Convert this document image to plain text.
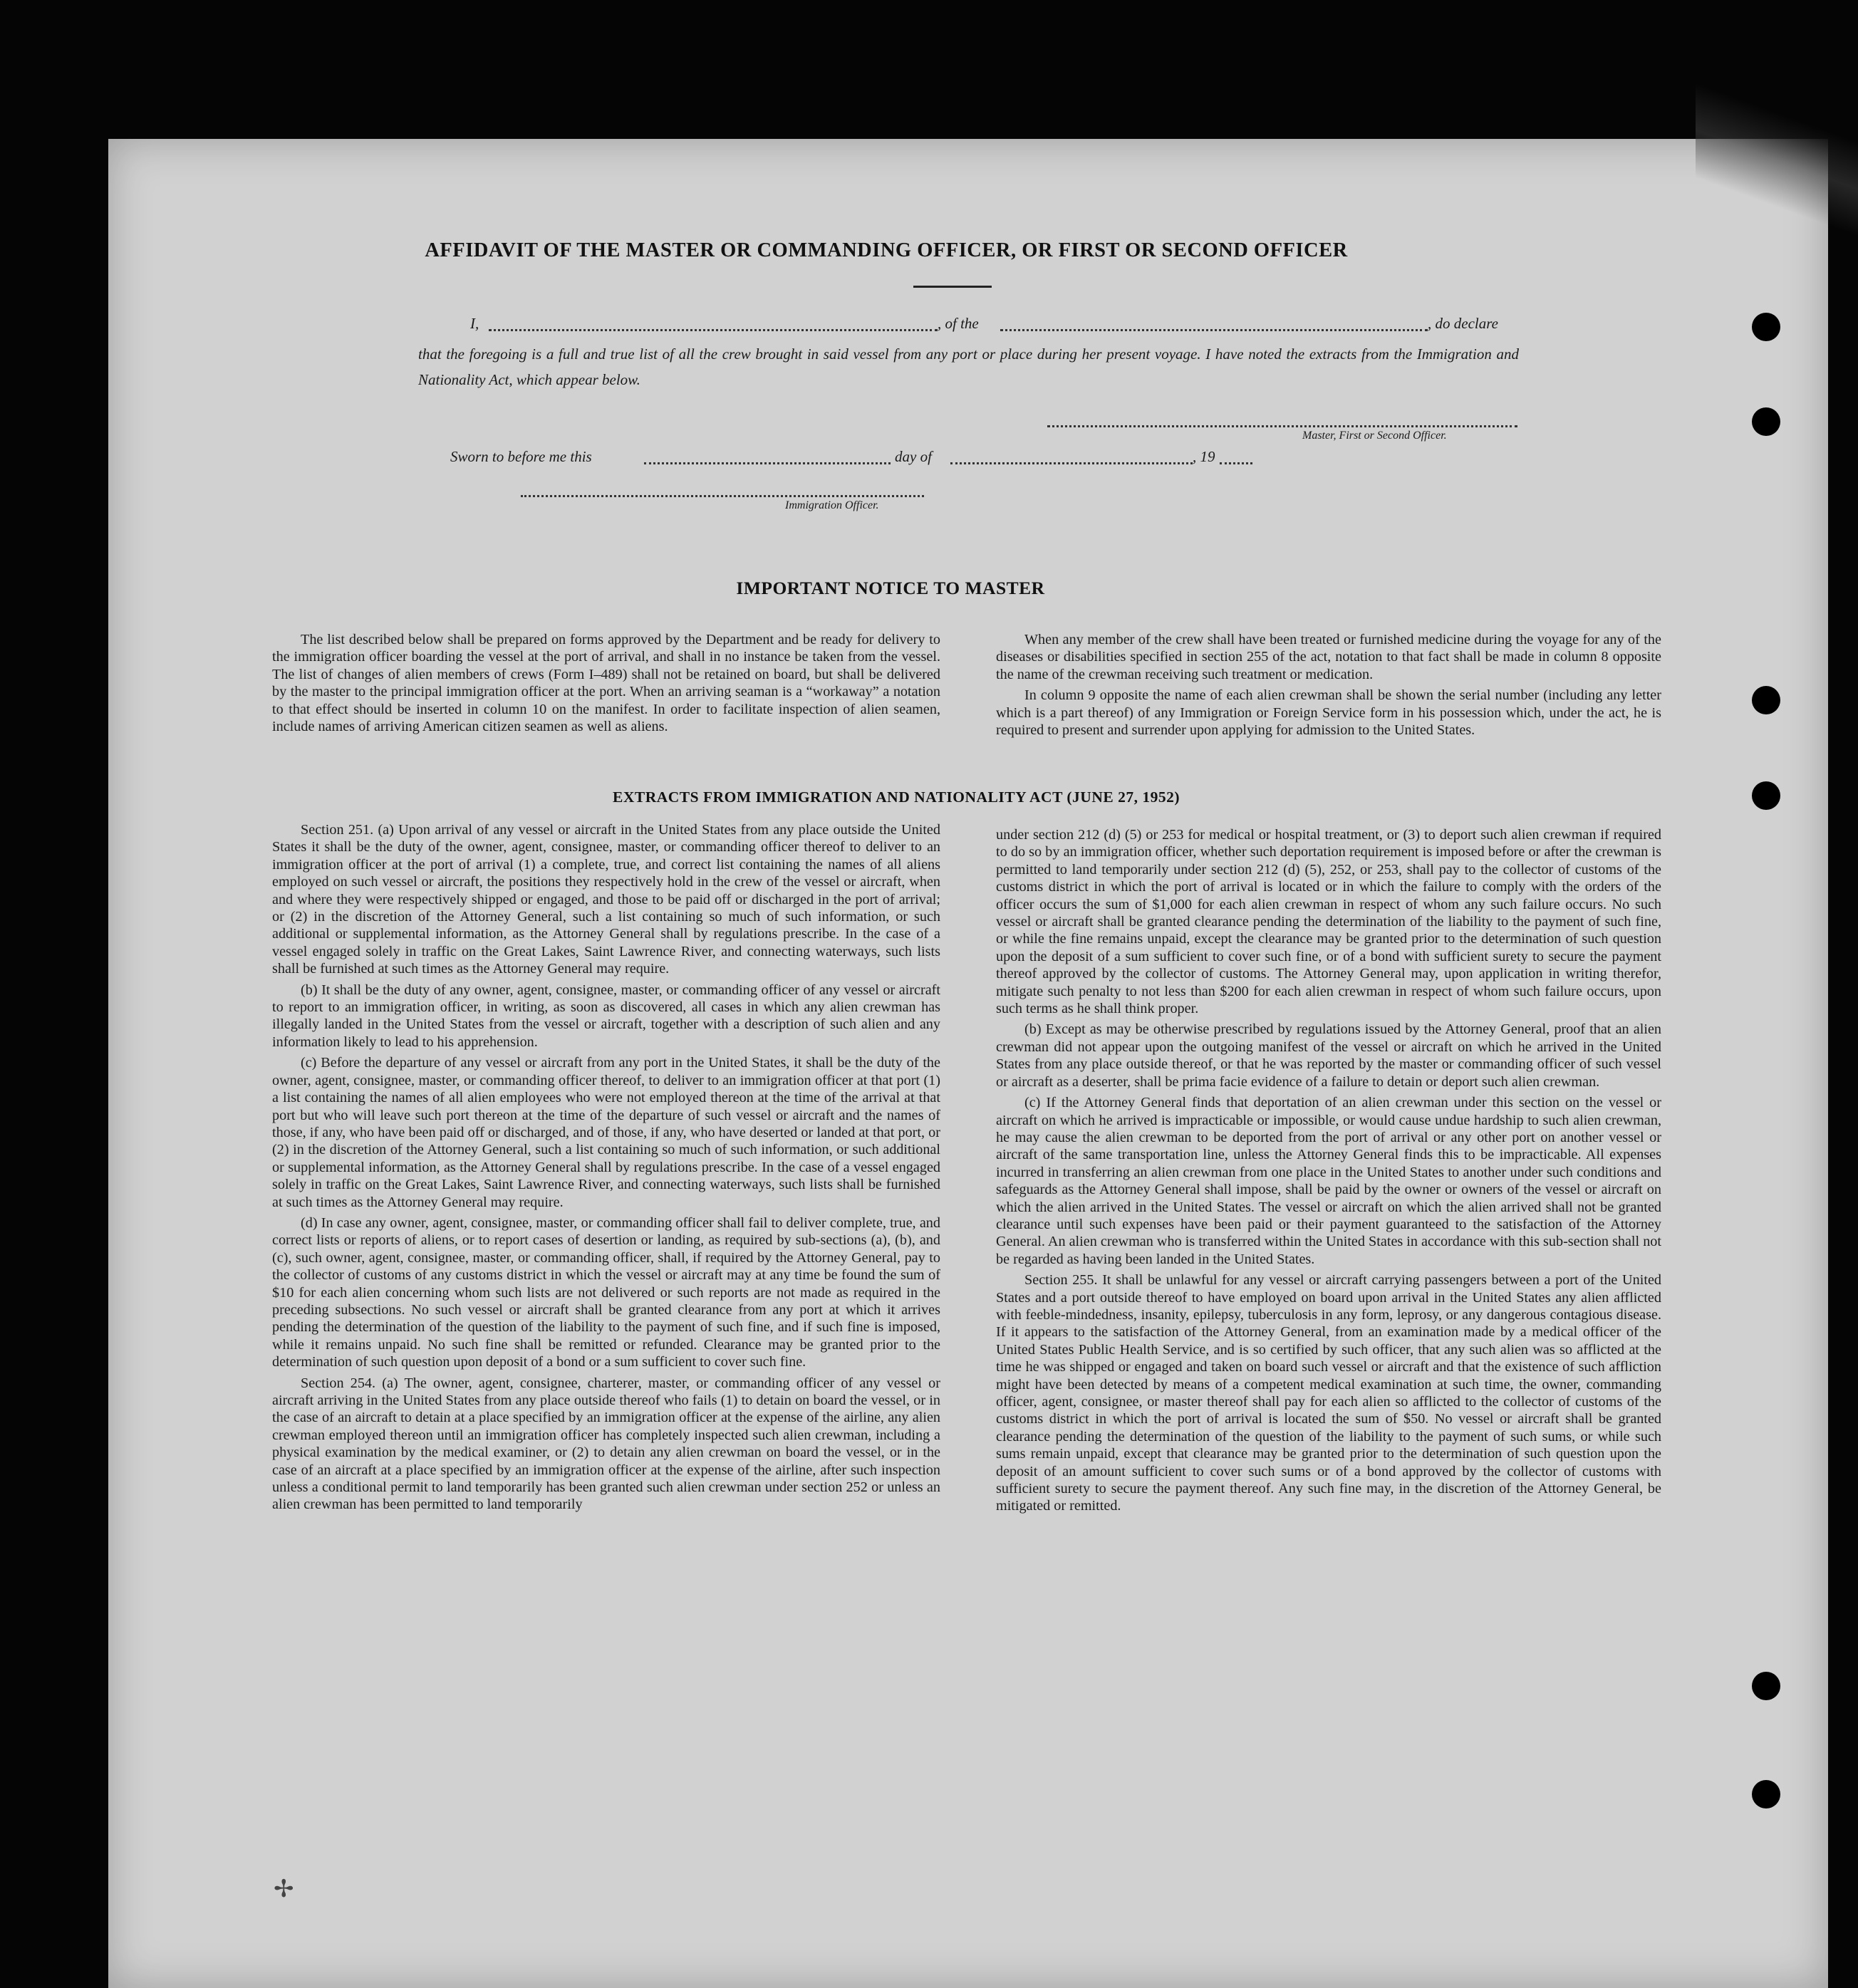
AFFIDAVIT OF THE MASTER OR COMMANDING OFFICER, OR FIRST OR SECOND OFFICER
I,	, of the	, do declare
that the foregoing is a full and true list of all the crew brought in said vessel from any port or place during her present voyage. I have noted the extracts from the Immigration and Nationality Act, which appear below.
Master, First or Second Officer.
Sworn to before me this	day of	, 19
Immigration Officer.
IMPORTANT NOTICE TO MASTER

The list described below shall be prepared on forms approved by the Department and be ready for delivery to the immigration officer boarding the vessel at the port of arrival, and shall in no instance be taken from the vessel. The list of changes of alien members of crews (Form I–489) shall not be retained on board, but shall be delivered by the master to the principal immigration officer at the port. When an arriving seaman is a “workaway” a notation to that effect should be inserted in column 10 on the manifest. In order to facilitate inspection of alien seamen, include names of arriving American citizen seamen as well as aliens.

When any member of the crew shall have been treated or furnished medicine during the voyage for any of the diseases or disabilities specified in section 255 of the act, notation to that fact shall be made in column 8 opposite the name of the crewman receiving such treatment or medication.

In column 9 opposite the name of each alien crewman shall be shown the serial number (including any letter which is a part thereof) of any Immigration or Foreign Service form in his possession which, under the act, he is required to present and surrender upon applying for admission to the United States.

EXTRACTS FROM IMMIGRATION AND NATIONALITY ACT (JUNE 27, 1952)

Section 251. (a) Upon arrival of any vessel or aircraft in the United States from any place outside the United States it shall be the duty of the owner, agent, consignee, master, or commanding officer thereof to deliver to an immigration officer at the port of arrival (1) a complete, true, and correct list containing the names of all aliens employed on such vessel or aircraft, the positions they respectively hold in the crew of the vessel or aircraft, when and where they were respectively shipped or engaged, and those to be paid off or discharged in the port of arrival; or (2) in the discretion of the Attorney General, such a list containing so much of such information, or such additional or supplemental information, as the Attorney General shall by regulations prescribe. In the case of a vessel engaged solely in traffic on the Great Lakes, Saint Lawrence River, and connecting waterways, such lists shall be furnished at such times as the Attorney General may require.

(b) It shall be the duty of any owner, agent, consignee, master, or commanding officer of any vessel or aircraft to report to an immigration officer, in writing, as soon as discovered, all cases in which any alien crewman has illegally landed in the United States from the vessel or aircraft, together with a description of such alien and any information likely to lead to his apprehension.

(c) Before the departure of any vessel or aircraft from any port in the United States, it shall be the duty of the owner, agent, consignee, master, or commanding officer thereof, to deliver to an immigration officer at that port (1) a list containing the names of all alien employees who were not employed thereon at the time of the arrival at that port but who will leave such port thereon at the time of the departure of such vessel or aircraft and the names of those, if any, who have been paid off or discharged, and of those, if any, who have deserted or landed at that port, or (2) in the discretion of the Attorney General, such a list containing so much of such information, or such additional or supplemental information, as the Attorney General shall by regulations prescribe. In the case of a vessel engaged solely in traffic on the Great Lakes, Saint Lawrence River, and connecting waterways, such lists shall be furnished at such times as the Attorney General may require.

(d) In case any owner, agent, consignee, master, or commanding officer shall fail to deliver complete, true, and correct lists or reports of aliens, or to report cases of desertion or landing, as required by sub-sections (a), (b), and (c), such owner, agent, consignee, master, or commanding officer, shall, if required by the Attorney General, pay to the collector of customs of any customs district in which the vessel or aircraft may at any time be found the sum of $10 for each alien concerning whom such lists are not delivered or such reports are not made as required in the preceding subsections. No such vessel or aircraft shall be granted clearance from any port at which it arrives pending the determination of the question of the liability to the payment of such fine, and if such fine is imposed, while it remains unpaid. No such fine shall be remitted or refunded. Clearance may be granted prior to the determination of such question upon deposit of a bond or a sum sufficient to cover such fine.

Section 254. (a) The owner, agent, consignee, charterer, master, or commanding officer of any vessel or aircraft arriving in the United States from any place outside thereof who fails (1) to detain on board the vessel, or in the case of an aircraft to detain at a place specified by an immigration officer at the expense of the airline, any alien crewman employed thereon until an immigration officer has completely inspected such alien crewman, including a physical examination by the medical examiner, or (2) to detain any alien crewman on board the vessel, or in the case of an aircraft at a place specified by an immigration officer at the expense of the airline, after such inspection unless a conditional permit to land temporarily has been granted such alien crewman under section 252 or unless an alien crewman has been permitted to land temporarily

under section 212 (d) (5) or 253 for medical or hospital treatment, or (3) to deport such alien crewman if required to do so by an immigration officer, whether such deportation requirement is imposed before or after the crewman is permitted to land temporarily under section 212 (d) (5), 252, or 253, shall pay to the collector of customs of the customs district in which the port of arrival is located or in which the failure to comply with the orders of the officer occurs the sum of $1,000 for each alien crewman in respect of whom any such failure occurs. No such vessel or aircraft shall be granted clearance pending the determination of the liability to the payment of such fine, or while the fine remains unpaid, except the clearance may be granted prior to the determination of such question upon the deposit of a sum sufficient to cover such fine, or of a bond with sufficient surety to secure the payment thereof approved by the collector of customs. The Attorney General may, upon application in writing therefor, mitigate such penalty to not less than $200 for each alien crewman in respect of whom such failure occurs, upon such terms as he shall think proper.

(b) Except as may be otherwise prescribed by regulations issued by the Attorney General, proof that an alien crewman did not appear upon the outgoing manifest of the vessel or aircraft on which he arrived in the United States from any place outside thereof, or that he was reported by the master or commanding officer of such vessel or aircraft as a deserter, shall be prima facie evidence of a failure to detain or deport such alien crewman.

(c) If the Attorney General finds that deportation of an alien crewman under this section on the vessel or aircraft on which he arrived is impracticable or impossible, or would cause undue hardship to such alien crewman, he may cause the alien crewman to be deported from the port of arrival or any other port on another vessel or aircraft of the same transportation line, unless the Attorney General finds this to be impracticable. All expenses incurred in transferring an alien crewman from one place in the United States to another under such conditions and safeguards as the Attorney General shall impose, shall be paid by the owner or owners of the vessel or aircraft on which the alien arrived in the United States. The vessel or aircraft on which the alien arrived shall not be granted clearance until such expenses have been paid or their payment guaranteed to the satisfaction of the Attorney General. An alien crewman who is transferred within the United States in accordance with this sub-section shall not be regarded as having been landed in the United States.

Section 255. It shall be unlawful for any vessel or aircraft carrying passengers between a port of the United States and a port outside thereof to have employed on board upon arrival in the United States any alien afflicted with feeble-mindedness, insanity, epilepsy, tuberculosis in any form, leprosy, or any dangerous contagious disease. If it appears to the satisfaction of the Attorney General, from an examination made by a medical officer of the United States Public Health Service, and is so certified by such officer, that any such alien was so afflicted at the time he was shipped or engaged and taken on board such vessel or aircraft and that the existence of such affliction might have been detected by means of a competent medical examination at such time, the owner, commanding officer, agent, consignee, or master thereof shall pay for each alien so afflicted to the collector of customs of the customs district in which the port of arrival is located the sum of $50. No vessel or aircraft shall be granted clearance pending the determination of the question of the liability to the payment of such sums, or while such sums remain unpaid, except that clearance may be granted prior to the determination of such question upon the deposit of an amount sufficient to cover such sums or of a bond approved by the collector of customs with sufficient surety to secure the payment thereof. Any such fine may, in the discretion of the Attorney General, be mitigated or remitted.

✢
